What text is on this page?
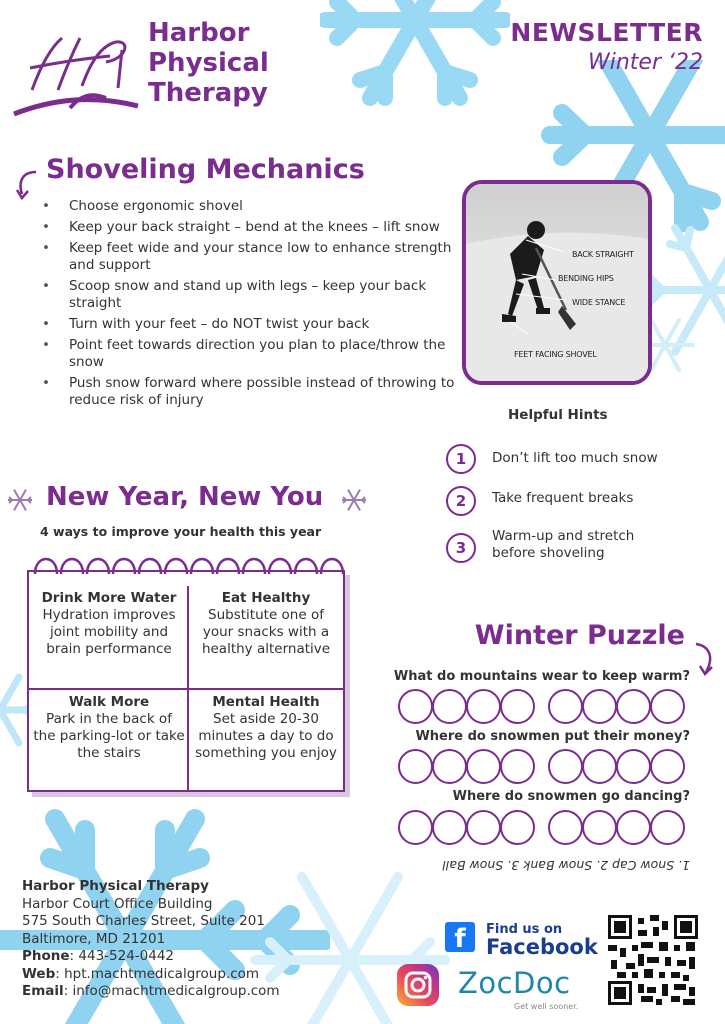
Harbor
Physical
Therapy
NEWSLETTER
Winter ‘22
Shoveling Mechanics
• Choose ergonomic shovel
• Keep your back straight – bend at the knees – lift snow
• Keep feet wide and your stance low to enhance strength and support
• Scoop snow and stand up with legs – keep your back straight
• Turn with your feet – do NOT twist your back
• Point feet towards direction you plan to place/throw the snow
• Push snow forward where possible instead of throwing to reduce risk of injury
BACK STRAIGHT
BENDING HIPS
WIDE STANCE
FEET FACING SHOVEL
Helpful Hints
1	Don’t lift too much snow
2	Take frequent breaks
3
Warm-up and stretch before shoveling
New Year, New You
4 ways to improve your health this year
Drink More Water
Hydration improves joint mobility and brain performance
Eat Healthy
Substitute one of your snacks with a healthy alternative
Walk More
Park in the back of the parking-lot or take the stairs
Mental Health
Set aside 20-30 minutes a day to do something you enjoy
Winter Puzzle
What do mountains wear to keep warm?
Where do snowmen put their money?
Where do snowmen go dancing?
1. Snow Cap 2. Snow Bank 3. Snow Ball
Harbor Physical Therapy
Harbor Court Office Building
575 South Charles Street, Suite 201
Baltimore, MD 21201
Phone: 443-524-0442
Web: hpt.machtmedicalgroup.com
Email: info@machtmedicalgroup.com
f	Find us on
Facebook
ZocDoc
Get well sooner.
